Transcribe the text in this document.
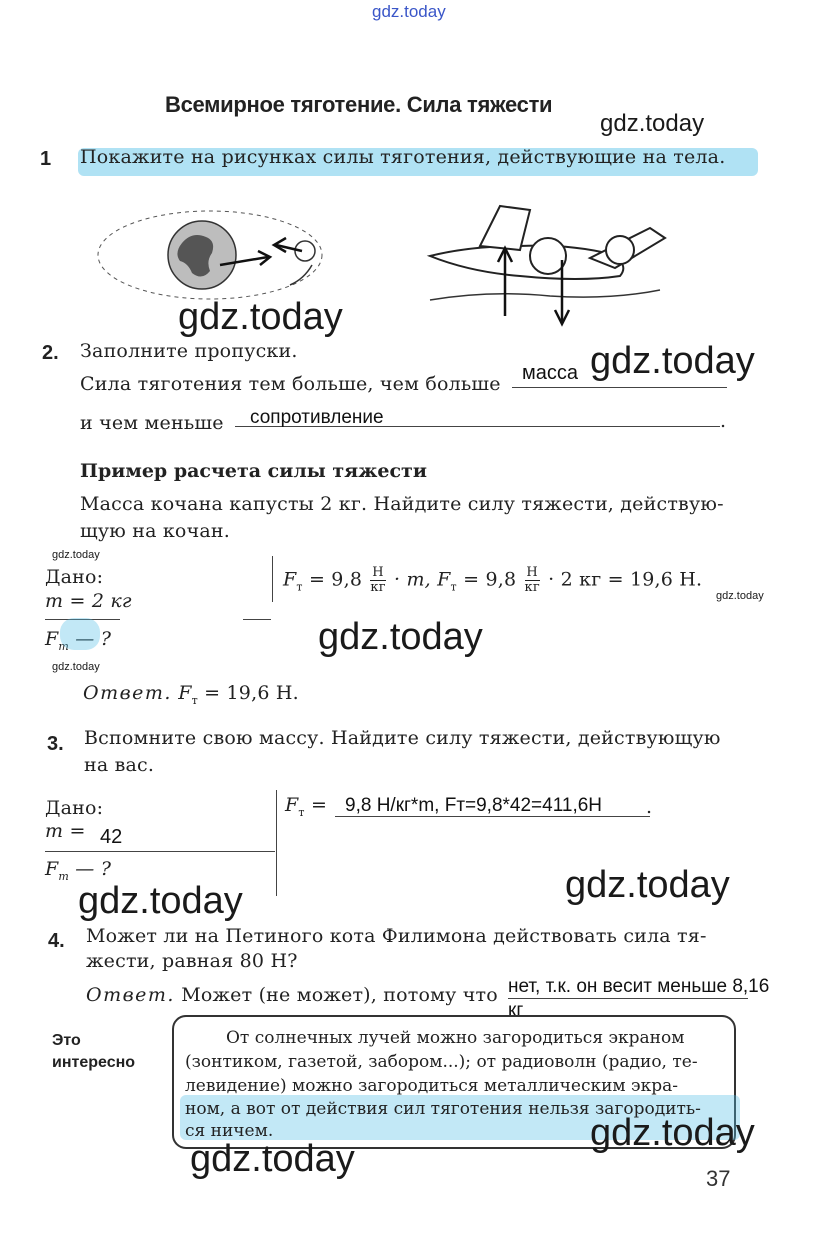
gdz.today
Всемирное тяготение. Сила тяжести
gdz.today
1 Покажите на рисунках силы тяготения, действующие на тела.
gdz.today
2. Заполните пропуски.
Сила тяготения тем больше, чем больше масса gdz.today
и чем меньше сопротивление	.
Пример расчета силы тяжести
Масса кочана капусты 2 кг. Найдите силу тяжести, действую-
щую на кочан.
gdz.today
Дано:
m = 2 кг
$F_т$ — ?
$F_т = 9,8 \frac{Н}{кг} \cdot m$, $F_т = 9,8 \frac{Н}{кг} \cdot 2$ кг = 19,6 Н.
gdz.today
gdz.today
gdz.today
Ответ. $F_т = 19,6$ Н.
3. Вспомните свою массу. Найдите силу тяжести, действующую
на вас.
Дано:
m = 42
$F_т$ — ?
$F_т = 9,8$ Н/кг*m, Fт=9,8*42=411,6Н .
gdz.today
gdz.today
4. Может ли на Петиного кота Филимона действовать сила тя-
жести, равная 80 Н?
Ответ. Может (не может), потому что нет, т.к. он весит меньше 8,16
кг
Это
интересно
От солнечных лучей можно загородиться экраном
(зонтиком, газетой, забором...); от радиоволн (радио, те-
левидение) можно загородиться металлическим экра-
ном, а вот от действия сил тяготения нельзя загородить-
ся ничем.	gdz.today
gdz.today	37
